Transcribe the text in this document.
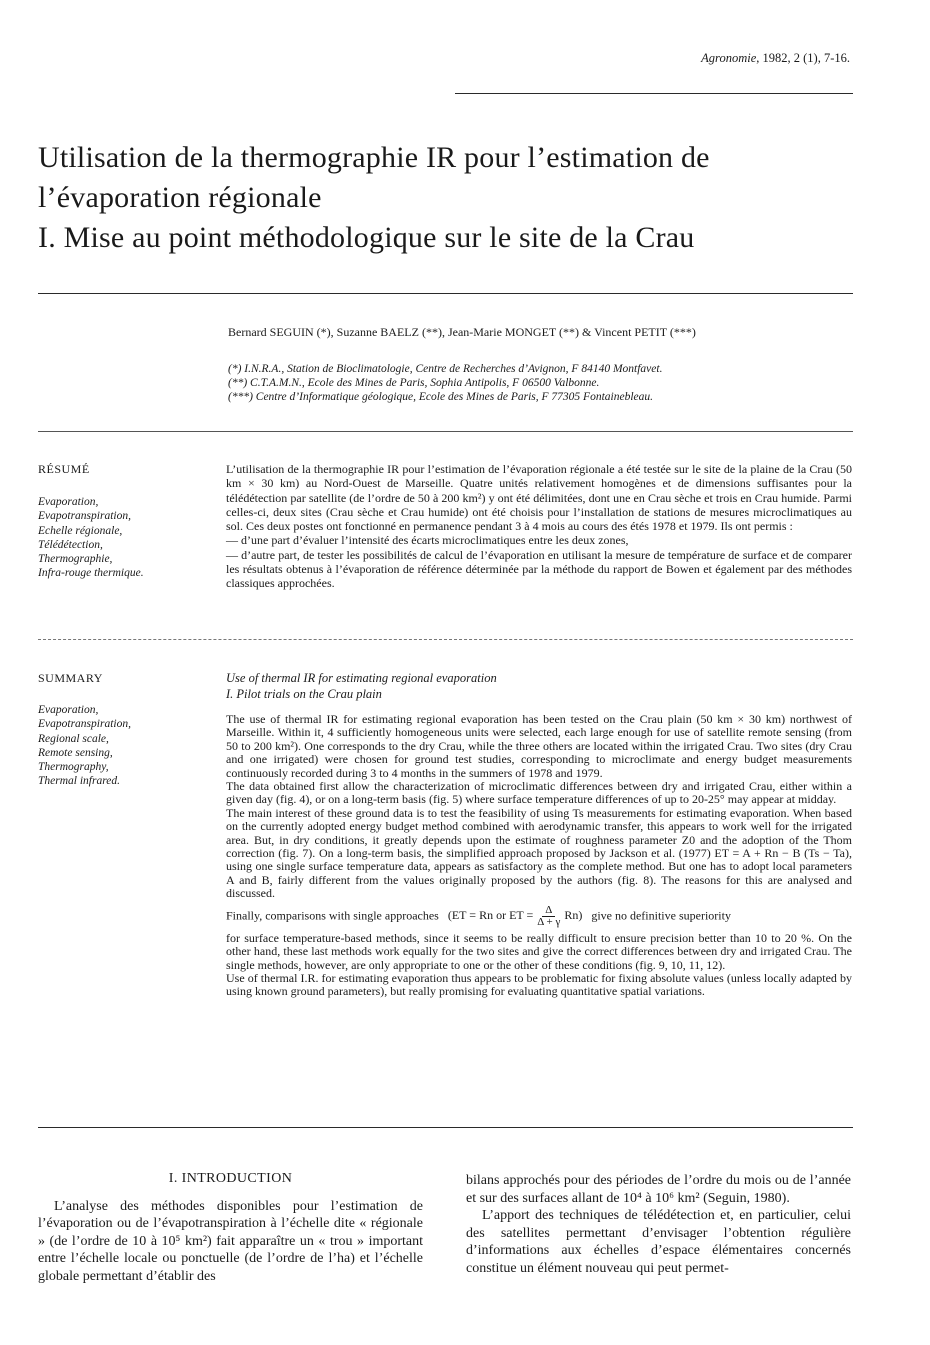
Agronomie, 1982, 2 (1), 7-16.
Utilisation de la thermographie IR pour l’estimation de
l’évaporation régionale
I. Mise au point méthodologique sur le site de la Crau
Bernard SEGUIN (*), Suzanne BAELZ (**), Jean-Marie MONGET (**) & Vincent PETIT (***)
(*) I.N.R.A., Station de Bioclimatologie, Centre de Recherches d’Avignon, F 84140 Montfavet.
(**) C.T.A.M.N., Ecole des Mines de Paris, Sophia Antipolis, F 06500 Valbonne.
(***) Centre d’Informatique géologique, Ecole des Mines de Paris, F 77305 Fontainebleau.
RÉSUMÉ
Evaporation,
Evapotranspiration,
Echelle régionale,
Télédétection,
Thermographie,
Infra-rouge thermique.

L’utilisation de la thermographie IR pour l’estimation de l’évaporation régionale a été testée sur le site de la plaine de la Crau (50 km × 30 km) au Nord-Ouest de Marseille. Quatre unités relativement homogènes et de dimensions suffisantes pour la télédétection par satellite (de l’ordre de 50 à 200 km²) y ont été délimitées, dont une en Crau sèche et trois en Crau humide. Parmi celles-ci, deux sites (Crau sèche et Crau humide) ont été choisis pour l’installation de stations de mesures microclimatiques au sol. Ces deux postes ont fonctionné en permanence pendant 3 à 4 mois au cours des étés 1978 et 1979. Ils ont permis :

— d’une part d’évaluer l’intensité des écarts microclimatiques entre les deux zones,

— d’autre part, de tester les possibilités de calcul de l’évaporation en utilisant la mesure de température de surface et de comparer les résultats obtenus à l’évaporation de référence déterminée par la méthode du rapport de Bowen et également par des méthodes classiques approchées.

SUMMARY
Evaporation,
Evapotranspiration,
Regional scale,
Remote sensing,
Thermography,
Thermal infrared.
Use of thermal IR for estimating regional evaporation
I. Pilot trials on the Crau plain

The use of thermal IR for estimating regional evaporation has been tested on the Crau plain (50 km × 30 km) northwest of Marseille. Within it, 4 sufficiently homogeneous units were selected, each large enough for use of satellite remote sensing (from 50 to 200 km²). One corresponds to the dry Crau, while the three others are located within the irrigated Crau. Two sites (dry Crau and one irrigated) were chosen for ground test studies, corresponding to microclimate and energy budget measurements continuously recorded during 3 to 4 months in the summers of 1978 and 1979.

The data obtained first allow the characterization of microclimatic differences between dry and irrigated Crau, either within a given day (fig. 4), or on a long-term basis (fig. 5) where surface temperature differences of up to 20-25° may appear at midday.

The main interest of these ground data is to test the feasibility of using Ts measurements for estimating evaporation. When based on the currently adopted energy budget method combined with aerodynamic transfer, this appears to work well for the irrigated area. But, in dry conditions, it greatly depends upon the estimate of roughness parameter Z0 and the adoption of the Thom correction (fig. 7). On a long-term basis, the simplified approach proposed by Jackson et al. (1977) ET = A + Rn − B (Ts − Ta), using one single surface temperature data, appears as satisfactory as the complete method. But one has to adopt local parameters A and B, fairly different from the values originally proposed by the authors (fig. 8). The reasons for this are analysed and discussed.

Finally, comparisons with single approaches (ET = Rn or ET = $\frac{\Delta}{\Delta + \gamma} Rn$) give no definitive superiority

for surface temperature-based methods, since it seems to be really difficult to ensure precision better than 10 to 20 %. On the other hand, these last methods work equally for the two sites and give the correct differences between dry and irrigated Crau. The single methods, however, are only appropriate to one or the other of these conditions (fig. 9, 10, 11, 12).

Use of thermal I.R. for estimating evaporation thus appears to be problematic for fixing absolute values (unless locally adapted by using known ground parameters), but really promising for evaluating quantitative spatial variations.

I. INTRODUCTION

L’analyse des méthodes disponibles pour l’estimation de l’évaporation ou de l’évapotranspiration à l’échelle dite « régionale » (de l’ordre de 10 à 10⁵ km²) fait apparaître un « trou » important entre l’échelle locale ou ponctuelle (de l’ordre de l’ha) et l’échelle globale permettant d’établir des

bilans approchés pour des périodes de l’ordre du mois ou de l’année et sur des surfaces allant de 10⁴ à 10⁶ km² (Seguin, 1980).

L’apport des techniques de télédétection et, en particulier, celui des satellites permettant d’envisager l’obtention régulière d’informations aux échelles d’espace élémentaires concernés constitue un élément nouveau qui peut permet-
